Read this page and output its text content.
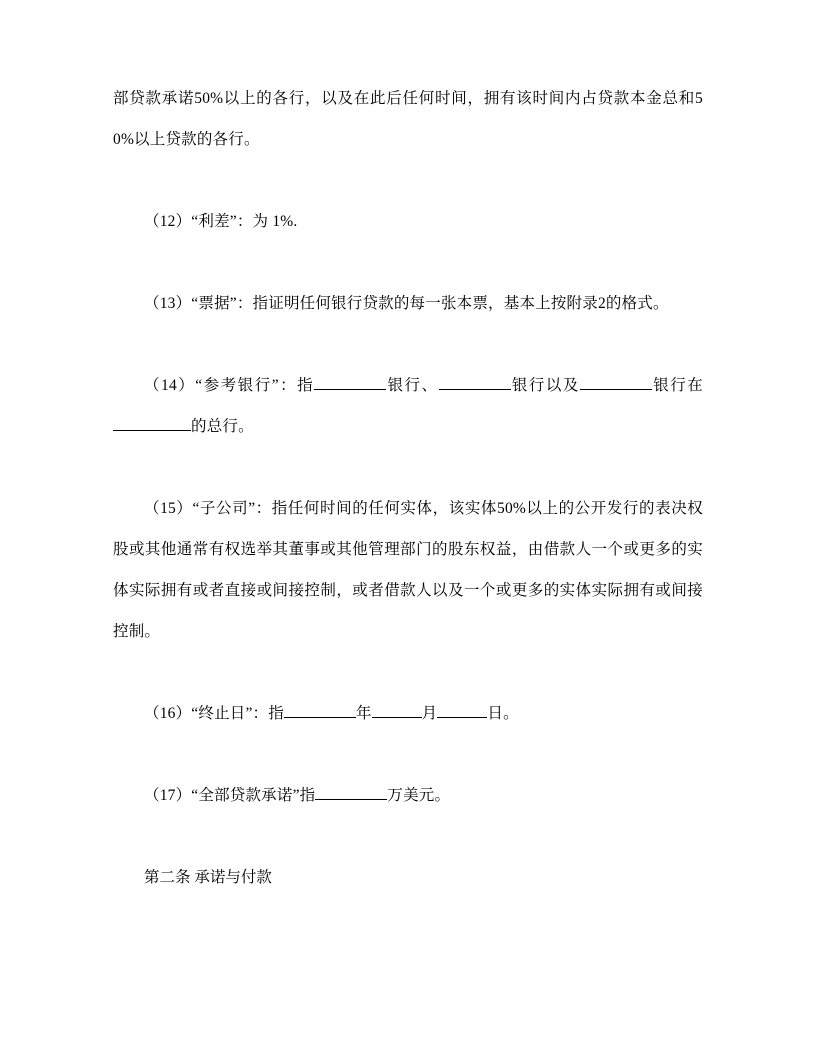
部贷款承诺50%以上的各行，以及在此后任何时间，拥有该时间内占贷款本金总和50%以上贷款的各行。

（12）“利差”：为 1%.

（13）“票据”：指证明任何银行贷款的每一张本票，基本上按附录2的格式。

（14）“参考银行”：指	银行、	银行以及	银行在的总行。

（15）“子公司”：指任何时间的任何实体，该实体50%以上的公开发行的表决权股或其他通常有权选举其董事或其他管理部门的股东权益，由借款人一个或更多的实体实际拥有或者直接或间接控制，或者借款人以及一个或更多的实体实际拥有或间接控制。

（16）“终止日”：指	年	月	日。

（17）“全部贷款承诺”指	万美元。

第二条 承诺与付款
